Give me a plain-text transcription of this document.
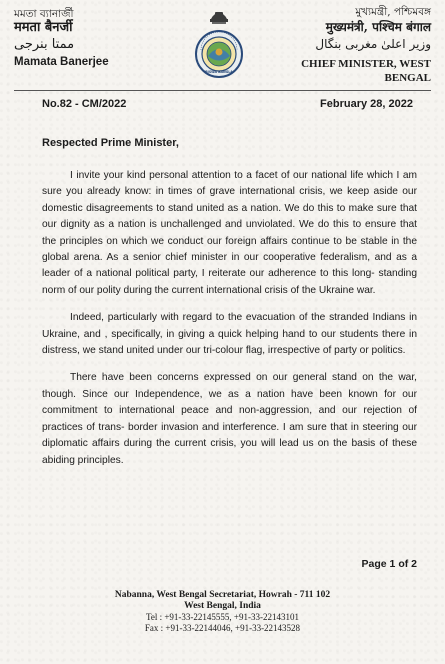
মমতা ব্যানার্জী
ममता बैनर्जी
ممتا بنرجی
Mamata Banerjee
BISWA BANGLA
মুখ্যমন্ত্রী, পশ্চিমবঙ্গ
मुख्यमंत्री, पश्चिम बंगाल
وزیر اعلیٰ مغربی بنگال
CHIEF MINISTER, WEST BENGAL
No.82 - CM/2022	February 28, 2022
Respected Prime Minister,

I invite your kind personal attention to a facet of our national life which I am sure you already know: in times of grave international crisis, we keep aside our domestic disagreements to stand united as a nation. We do this to make sure that our dignity as a nation is unchallenged and unviolated. We do this to ensure that the principles on which we conduct our foreign affairs continue to be stable in the global arena. As a senior chief minister in our cooperative federalism, and as a leader of a national political party, I reiterate our adherence to this long- standing norm of our polity during the current international crisis of the Ukraine war.

Indeed, particularly with regard to the evacuation of the stranded Indians in Ukraine, and , specifically, in giving a quick helping hand to our students there in distress, we stand united under our tri-colour flag, irrespective of party or politics.

There have been concerns expressed on our general stand on the war, though. Since our Independence, we as a nation have been known for our commitment to international peace and non-aggression, and our rejection of practices of trans- border invasion and interference. I am sure that in steering our diplomatic affairs during the current crisis, you will lead us on the basis of these abiding principles.

Page 1 of 2
Nabanna, West Bengal Secretariat, Howrah - 711 102
West Bengal, India
Tel : +91-33-22145555, +91-33-22143101
Fax : +91-33-22144046, +91-33-22143528
